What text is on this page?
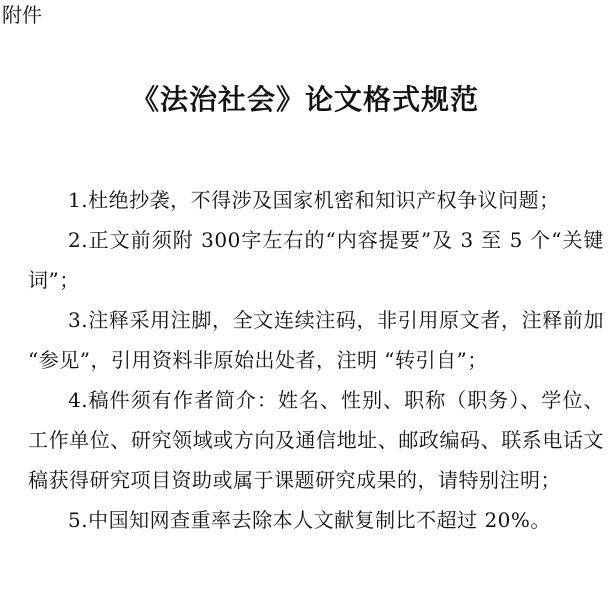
附件
《法治社会》论文格式规范

1.杜绝抄袭，不得涉及国家机密和知识产权争议问题；

2.正文前须附 300字左右的“内容提要”及 3 至 5 个“关键词”；

3.注释采用注脚，全文连续注码，非引用原文者，注释前加 “参见”，引用资料非原始出处者，注明 “转引自”；

4.稿件须有作者简介：姓名、性别、职称（职务）、学位、工作单位、研究领域或方向及通信地址、邮政编码、联系电话文稿获得研究项目资助或属于课题研究成果的，请特别注明；

5.中国知网查重率去除本人文献复制比不超过 20%。
